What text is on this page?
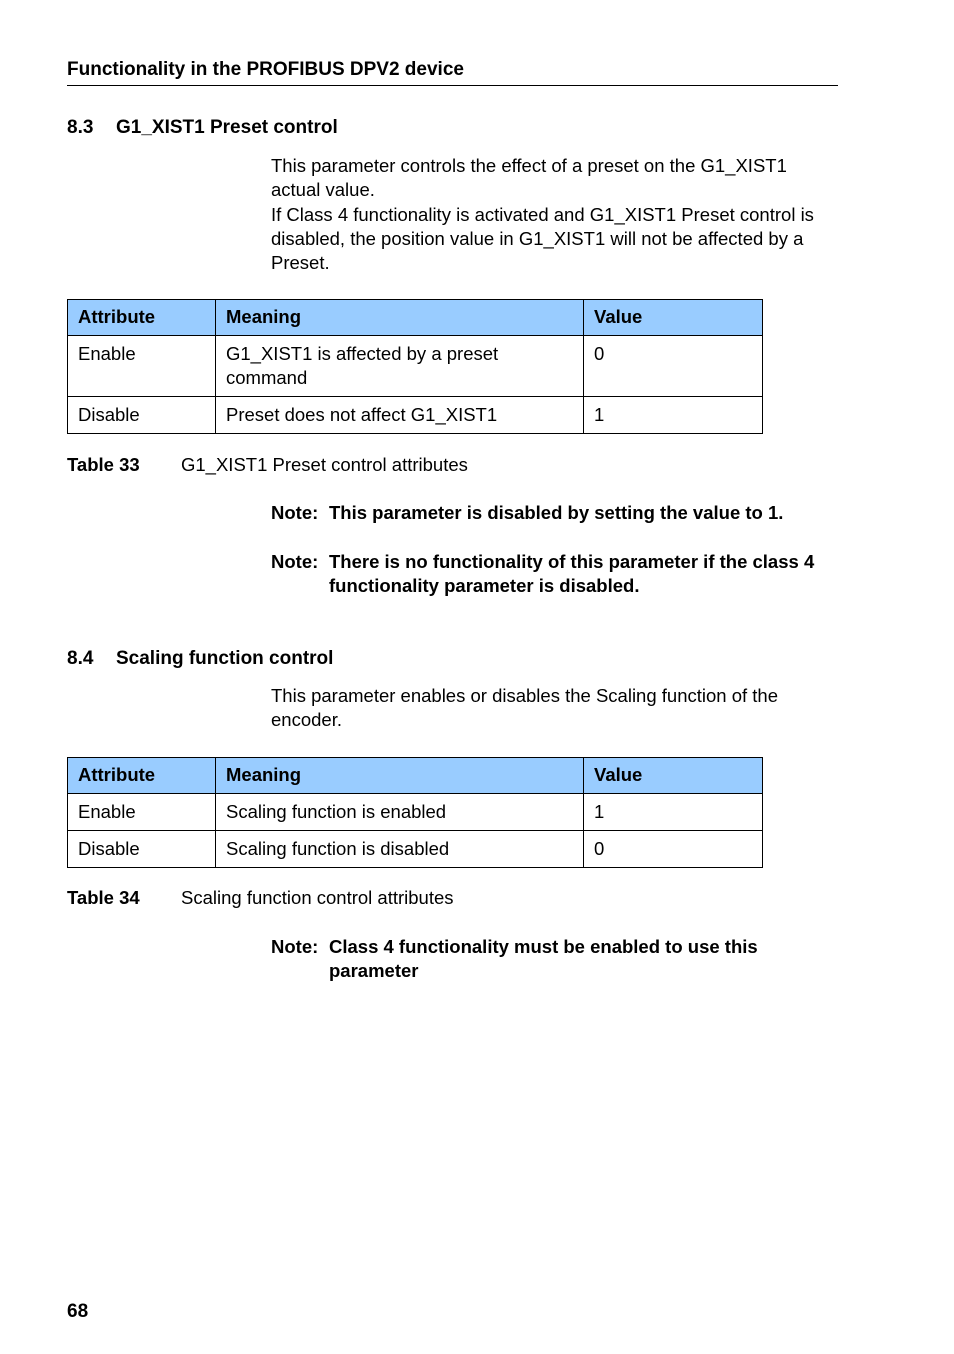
Functionality in the PROFIBUS DPV2 device
8.3 G1_XIST1 Preset control

This parameter controls the effect of a preset on the G1_XIST1 actual value.

If Class 4 functionality is activated and G1_XIST1 Preset control is disabled, the position value in G1_XIST1 will not be affected by a Preset.

Attribute	Meaning	Value
Enable	G1_XIST1 is affected by a preset command	0
Disable	Preset does not affect G1_XIST1	1
Table 33 G1_XIST1 Preset control attributes
Note: This parameter is disabled by setting the value to 1.
Note: There is no functionality of this parameter if the class 4 functionality parameter is disabled.
8.4 Scaling function control

This parameter enables or disables the Scaling function of the encoder.

Attribute	Meaning	Value
Enable	Scaling function is enabled	1
Disable	Scaling function is disabled	0
Table 34 Scaling function control attributes
Note: Class 4 functionality must be enabled to use this parameter
68
